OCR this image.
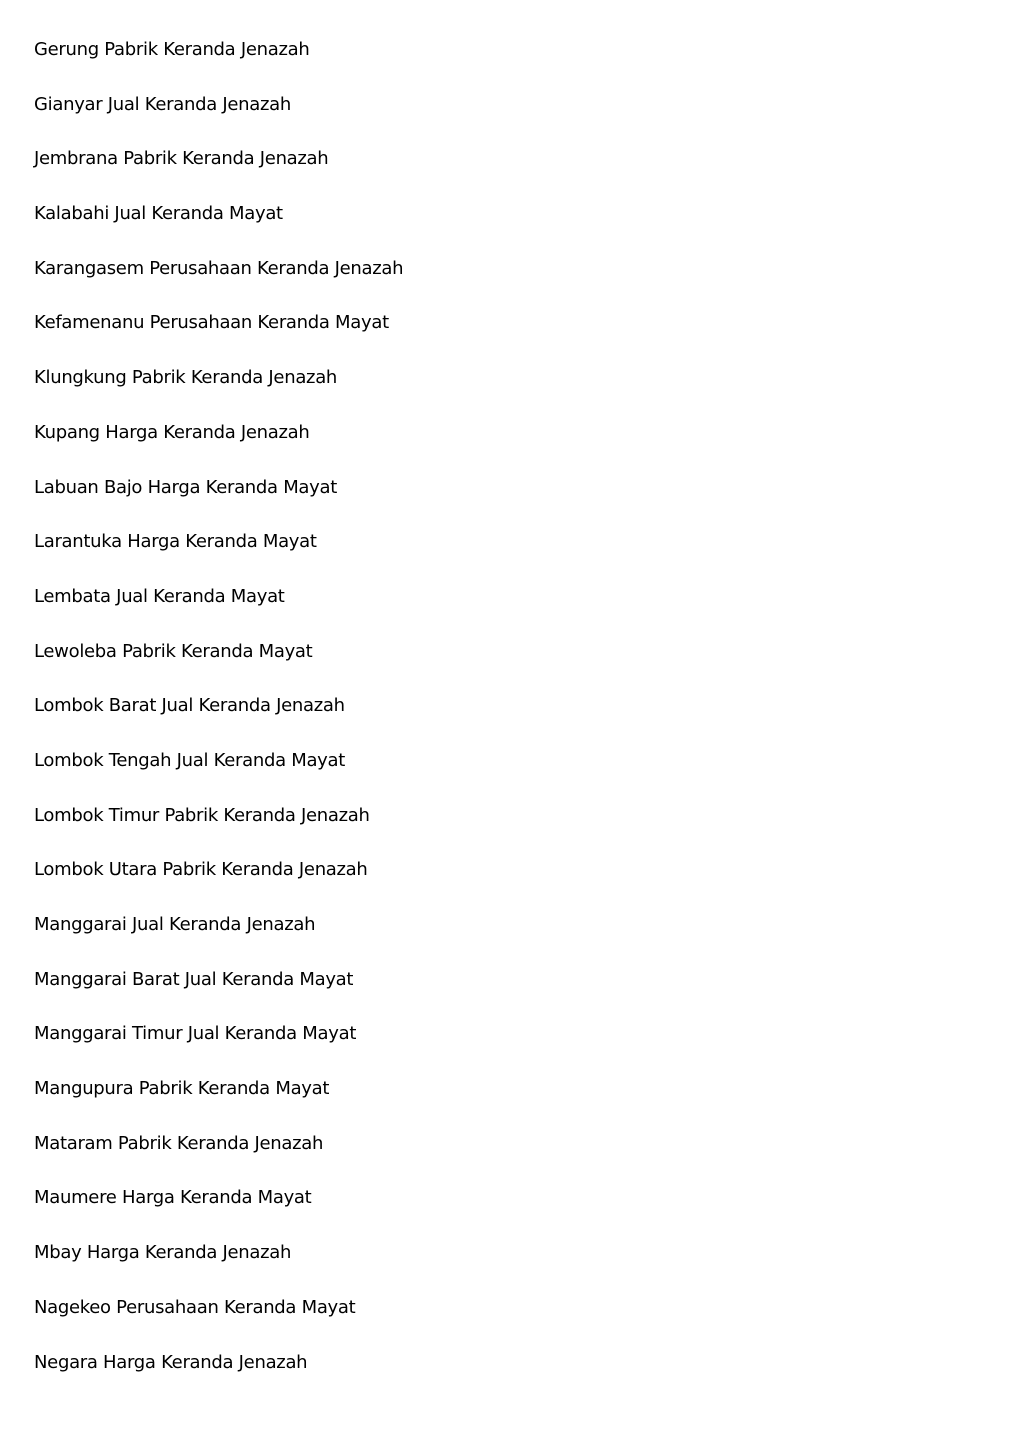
Gerung Pabrik Keranda Jenazah
Gianyar Jual Keranda Jenazah
Jembrana Pabrik Keranda Jenazah
Kalabahi Jual Keranda Mayat
Karangasem Perusahaan Keranda Jenazah
Kefamenanu Perusahaan Keranda Mayat
Klungkung Pabrik Keranda Jenazah
Kupang Harga Keranda Jenazah
Labuan Bajo Harga Keranda Mayat
Larantuka Harga Keranda Mayat
Lembata Jual Keranda Mayat
Lewoleba Pabrik Keranda Mayat
Lombok Barat Jual Keranda Jenazah
Lombok Tengah Jual Keranda Mayat
Lombok Timur Pabrik Keranda Jenazah
Lombok Utara Pabrik Keranda Jenazah
Manggarai Jual Keranda Jenazah
Manggarai Barat Jual Keranda Mayat
Manggarai Timur Jual Keranda Mayat
Mangupura Pabrik Keranda Mayat
Mataram Pabrik Keranda Jenazah
Maumere Harga Keranda Mayat
Mbay Harga Keranda Jenazah
Nagekeo Perusahaan Keranda Mayat
Negara Harga Keranda Jenazah
